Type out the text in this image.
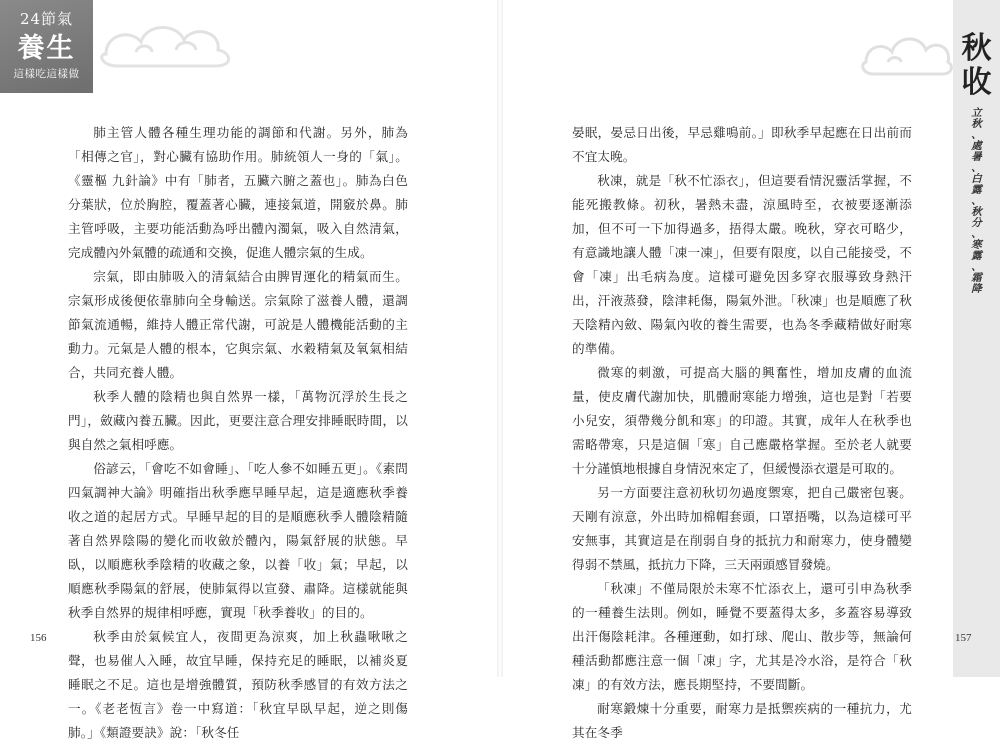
24節氣
養生
這樣吃這樣做

肺主管人體各種生理功能的調節和代謝。另外，肺為「相傳之官」，對心臟有協助作用。肺統領人一身的「氣」。《靈樞 九針論》中有「肺者，五臟六腑之蓋也」。肺為白色分葉狀，位於胸腔，覆蓋著心臟，連接氣道，開竅於鼻。肺主管呼吸，主要功能活動為呼出體內濁氣，吸入自然清氣，完成體內外氣體的疏通和交換，促進人體宗氣的生成。

宗氣，即由肺吸入的清氣結合由脾胃運化的精氣而生。宗氣形成後便依靠肺向全身輸送。宗氣除了滋養人體，還調節氣流通暢，維持人體正常代謝，可說是人體機能活動的主動力。元氣是人體的根本，它與宗氣、水穀精氣及氧氣相結合，共同充養人體。

秋季人體的陰精也與自然界一樣，「萬物沉浮於生長之門」，斂藏內養五臟。因此，更要注意合理安排睡眠時間，以與自然之氣相呼應。

俗諺云，「會吃不如會睡」、「吃人參不如睡五更」。《素問 四氣調神大論》明確指出秋季應早睡早起，這是適應秋季養收之道的起居方式。早睡早起的目的是順應秋季人體陰精隨著自然界陰陽的變化而收斂於體內，陽氣舒展的狀態。早臥，以順應秋季陰精的收藏之象，以養「收」氣；早起，以順應秋季陽氣的舒展，使肺氣得以宣發、肅降。這樣就能與秋季自然界的規律相呼應，實現「秋季養收」的目的。

秋季由於氣候宜人，夜間更為涼爽，加上秋蟲啾啾之聲，也易催人入睡，故宜早睡，保持充足的睡眠，以補炎夏睡眠之不足。這也是增強體質，預防秋季感冒的有效方法之一。《老老恆言》卷一中寫道：「秋宜早臥早起，逆之則傷肺。」《類證要訣》說：「秋冬任

156

晏眠，晏忌日出後，早忌雞鳴前。」即秋季早起應在日出前而不宜太晚。

秋凍，就是「秋不忙添衣」，但這要看情況靈活掌握，不能死搬教條。初秋，暑熱未盡，涼風時至，衣被要逐漸添加，但不可一下加得過多，捂得太嚴。晚秋，穿衣可略少，有意識地讓人體「凍一凍」，但要有限度，以自己能接受，不會「凍」出毛病為度。這樣可避免因多穿衣服導致身熱汗出，汗液蒸發，陰津耗傷，陽氣外泄。「秋凍」也是順應了秋天陰精內斂、陽氣內收的養生需要，也為冬季藏精做好耐寒的準備。

微寒的刺激，可提高大腦的興奮性，增加皮膚的血流量，使皮膚代謝加快，肌體耐寒能力增強，這也是對「若要小兒安，須帶幾分飢和寒」的印證。其實，成年人在秋季也需略帶寒，只是這個「寒」自己應嚴格掌握。至於老人就要十分謹慎地根據自身情況來定了，但緩慢添衣還是可取的。

另一方面要注意初秋切勿過度禦寒，把自己嚴密包裹。天剛有涼意，外出時加棉帽套頭，口罩捂嘴，以為這樣可平安無事，其實這是在削弱自身的抵抗力和耐寒力，使身體變得弱不禁風，抵抗力下降，三天兩頭感冒發燒。

「秋凍」不僅局限於未寒不忙添衣上，還可引申為秋季的一種養生法則。例如，睡覺不要蓋得太多，多蓋容易導致出汗傷陰耗津。各種運動，如打球、爬山、散步等，無論何種活動都應注意一個「凍」字，尤其是冷水浴，是符合「秋凍」的有效方法，應長期堅持，不要間斷。

耐寒鍛煉十分重要，耐寒力是抵禦疾病的一種抗力，尤其在冬季

秋
收
立
秋
、
處
暑
、
白
露
、
秋
分
、
寒
露
、
霜
降
157
